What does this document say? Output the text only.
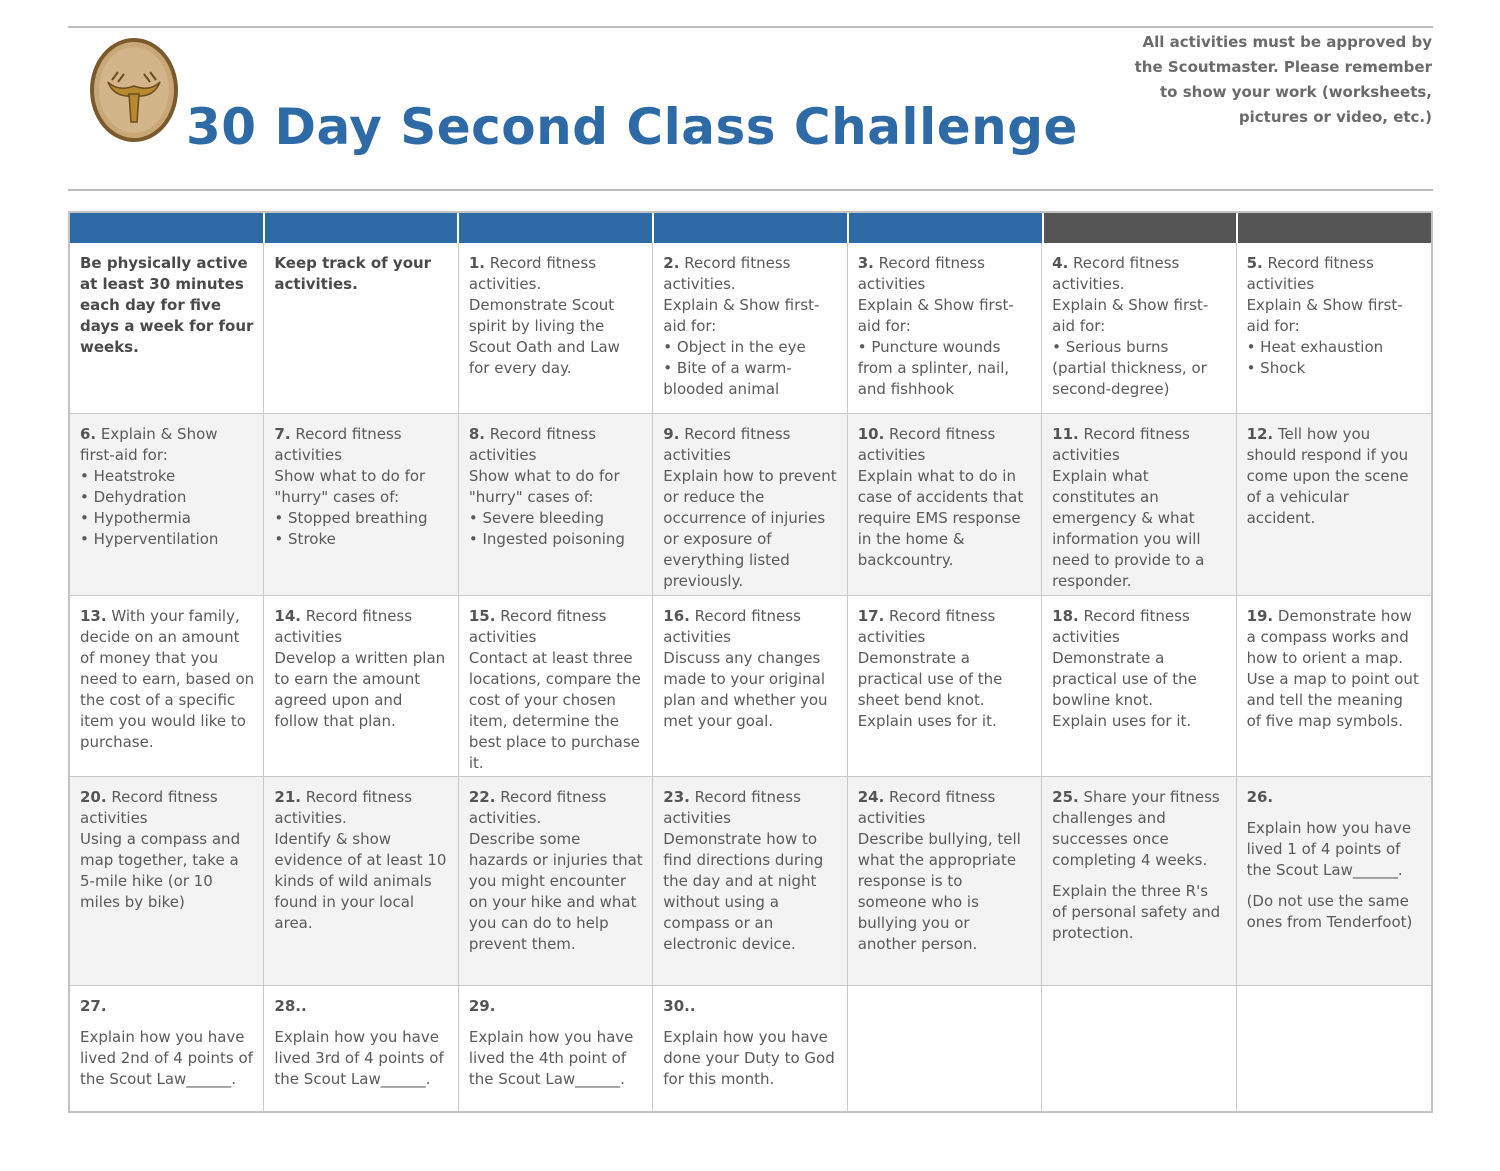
30 Day Second Class Challenge
All activities must be approved by the Scoutmaster. Please remember to show your work (worksheets, pictures or video, etc.)
Be physically active at least 30 minutes each day for five days a week for four weeks.
Keep track of your activities.
1. Record fitness activities.
Demonstrate Scout spirit by living the Scout Oath and Law for every day.
2. Record fitness activities.
Explain & Show first-aid for:
• Object in the eye
• Bite of a warm-blooded animal
3. Record fitness activities
Explain & Show first-aid for:
• Puncture wounds from a splinter, nail, and fishhook
4. Record fitness activities.
Explain & Show first-aid for:
• Serious burns (partial thickness, or second-degree)
5. Record fitness activities
Explain & Show first-aid for:
• Heat exhaustion
• Shock
6. Explain & Show first-aid for:
• Heatstroke
• Dehydration
• Hypothermia
• Hyperventilation
7. Record fitness activities
Show what to do for "hurry" cases of:
• Stopped breathing
• Stroke
8. Record fitness activities
Show what to do for "hurry" cases of:
• Severe bleeding
• Ingested poisoning
9. Record fitness activities
Explain how to prevent or reduce the occurrence of injuries or exposure of everything listed previously.
10. Record fitness activities
Explain what to do in case of accidents that require EMS response in the home & backcountry.
11. Record fitness activities
Explain what constitutes an emergency & what information you will need to provide to a responder.
12. Tell how you should respond if you come upon the scene of a vehicular accident.
13. With your family, decide on an amount of money that you need to earn, based on the cost of a specific item you would like to purchase.
14. Record fitness activities
Develop a written plan to earn the amount agreed upon and follow that plan.
15. Record fitness activities
Contact at least three locations, compare the cost of your chosen item, determine the best place to purchase it.
16. Record fitness activities
Discuss any changes made to your original plan and whether you met your goal.
17. Record fitness activities
Demonstrate a practical use of the sheet bend knot.
Explain uses for it.
18. Record fitness activities
Demonstrate a practical use of the bowline knot.
Explain uses for it.
19. Demonstrate how a compass works and how to orient a map.
Use a map to point out and tell the meaning of five map symbols.
20. Record fitness activities
Using a compass and map together, take a 5-mile hike (or 10 miles by bike)
21. Record fitness activities.
Identify & show evidence of at least 10 kinds of wild animals found in your local area.
22. Record fitness activities.
Describe some hazards or injuries that you might encounter on your hike and what you can do to help prevent them.
23. Record fitness activities
Demonstrate how to find directions during the day and at night without using a compass or an electronic device.
24. Record fitness activities
Describe bullying, tell what the appropriate response is to someone who is bullying you or another person.
25. Share your fitness challenges and successes once completing 4 weeks.
Explain the three R's of personal safety and protection.
26.
Explain how you have lived 1 of 4 points of the Scout Law______.
(Do not use the same ones from Tenderfoot)
27.
Explain how you have lived 2nd of 4 points of the Scout Law______.
28..
Explain how you have lived 3rd of 4 points of the Scout Law______.
29.
Explain how you have lived the 4th point of the Scout Law______.
30..
Explain how you have done your Duty to God for this month.
